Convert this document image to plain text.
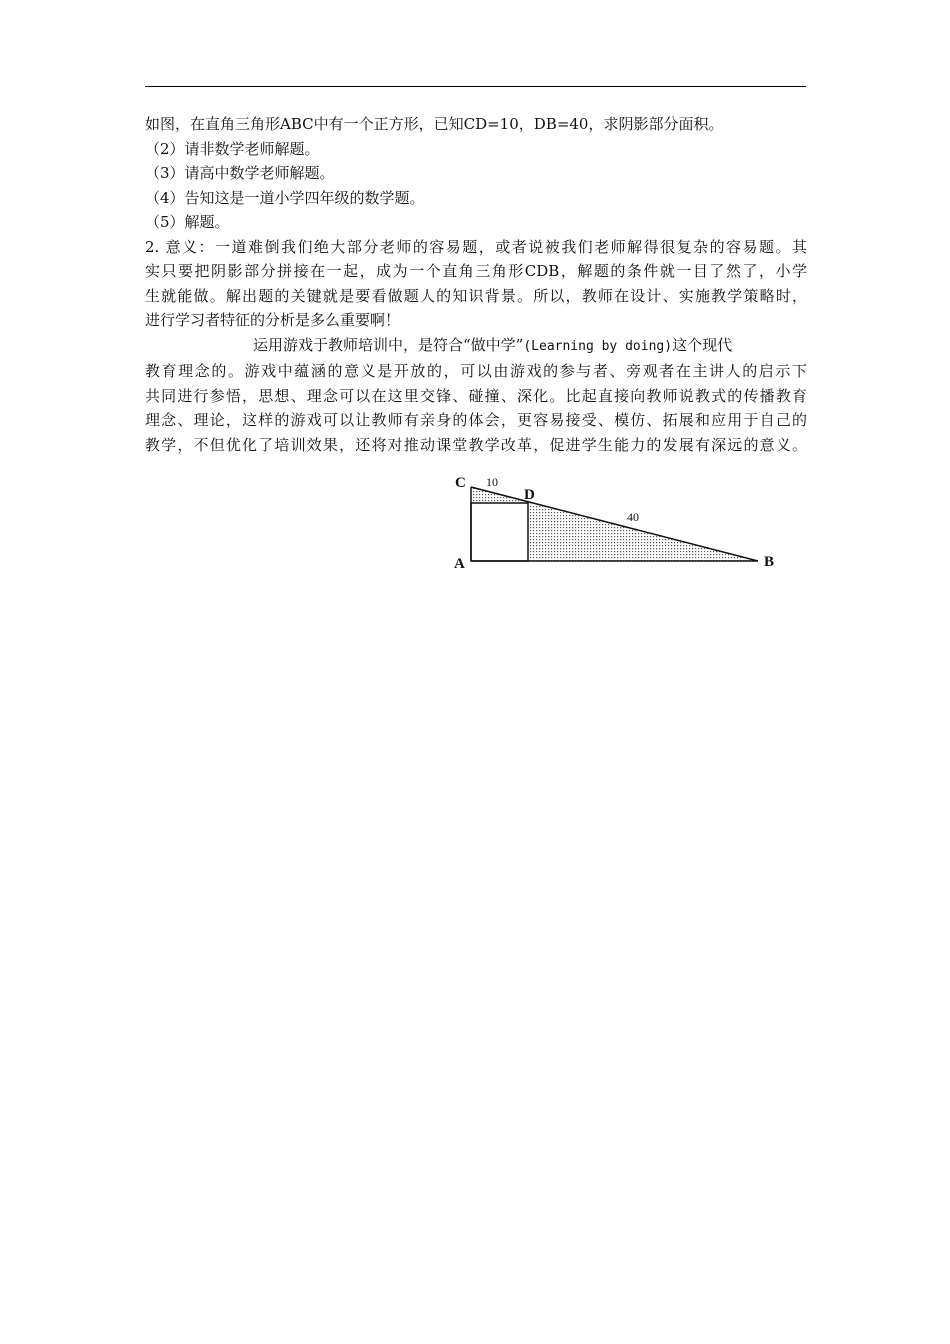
如图，在直角三角形ABC中有一个正方形，已知CD=10，DB=40，求阴影部分面积。
（2）请非数学老师解题。
（3）请高中数学老师解题。
（4）告知这是一道小学四年级的数学题。
（5）解题。
2. 意义：一道难倒我们绝大部分老师的容易题，或者说被我们老师解得很复杂的容易题。其
实只要把阴影部分拼接在一起，成为一个直角三角形CDB，解题的条件就一目了然了，小学
生就能做。解出题的关键就是要看做题人的知识背景。所以，教师在设计、实施教学策略时，
进行学习者特征的分析是多么重要啊！
运用游戏于教师培训中，是符合“做中学”(Learning by doing)这个现代
教育理念的。游戏中蕴涵的意义是开放的，可以由游戏的参与者、旁观者在主讲人的启示下
共同进行参悟，思想、理念可以在这里交锋、碰撞、深化。比起直接向教师说教式的传播教育
理念、理论，这样的游戏可以让教师有亲身的体会，更容易接受、模仿、拓展和应用于自己的
教学，不但优化了培训效果，还将对推动课堂教学改革，促进学生能力的发展有深远的意义。
C
D
A	B
10
40
